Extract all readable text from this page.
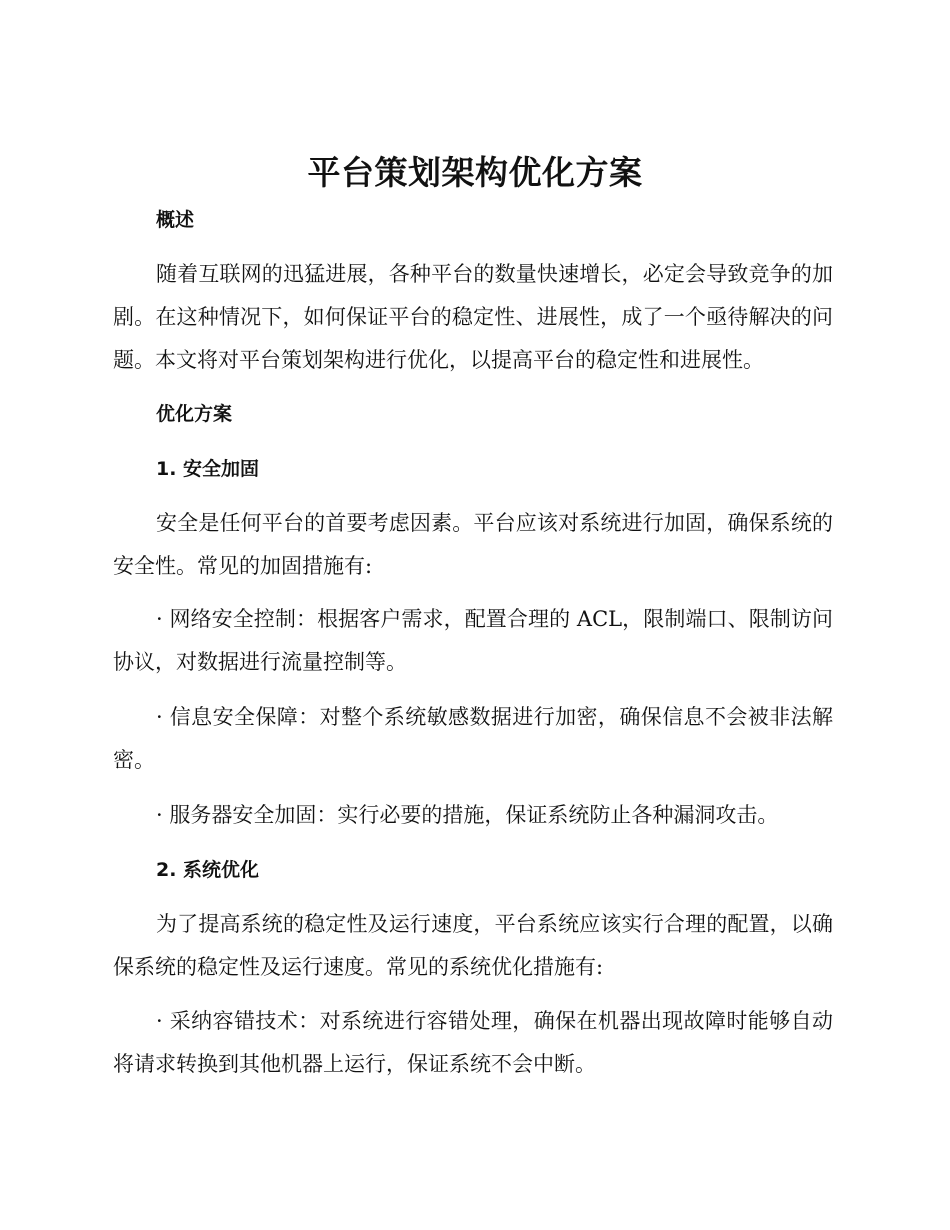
平台策划架构优化方案
概述

随着互联网的迅猛进展，各种平台的数量快速增长，必定会导致竞争的加剧。在这种情况下，如何保证平台的稳定性、进展性，成了一个亟待解决的问题。本文将对平台策划架构进行优化，以提高平台的稳定性和进展性。

优化方案
1. 安全加固

安全是任何平台的首要考虑因素。平台应该对系统进行加固，确保系统的安全性。常见的加固措施有:

· 网络安全控制：根据客户需求，配置合理的 ACL，限制端口、限制访问协议，对数据进行流量控制等。

· 信息安全保障：对整个系统敏感数据进行加密，确保信息不会被非法解密。

· 服务器安全加固：实行必要的措施，保证系统防止各种漏洞攻击。

2. 系统优化

为了提高系统的稳定性及运行速度，平台系统应该实行合理的配置，以确保系统的稳定性及运行速度。常见的系统优化措施有:

· 采纳容错技术：对系统进行容错处理，确保在机器出现故障时能够自动将请求转换到其他机器上运行，保证系统不会中断。
